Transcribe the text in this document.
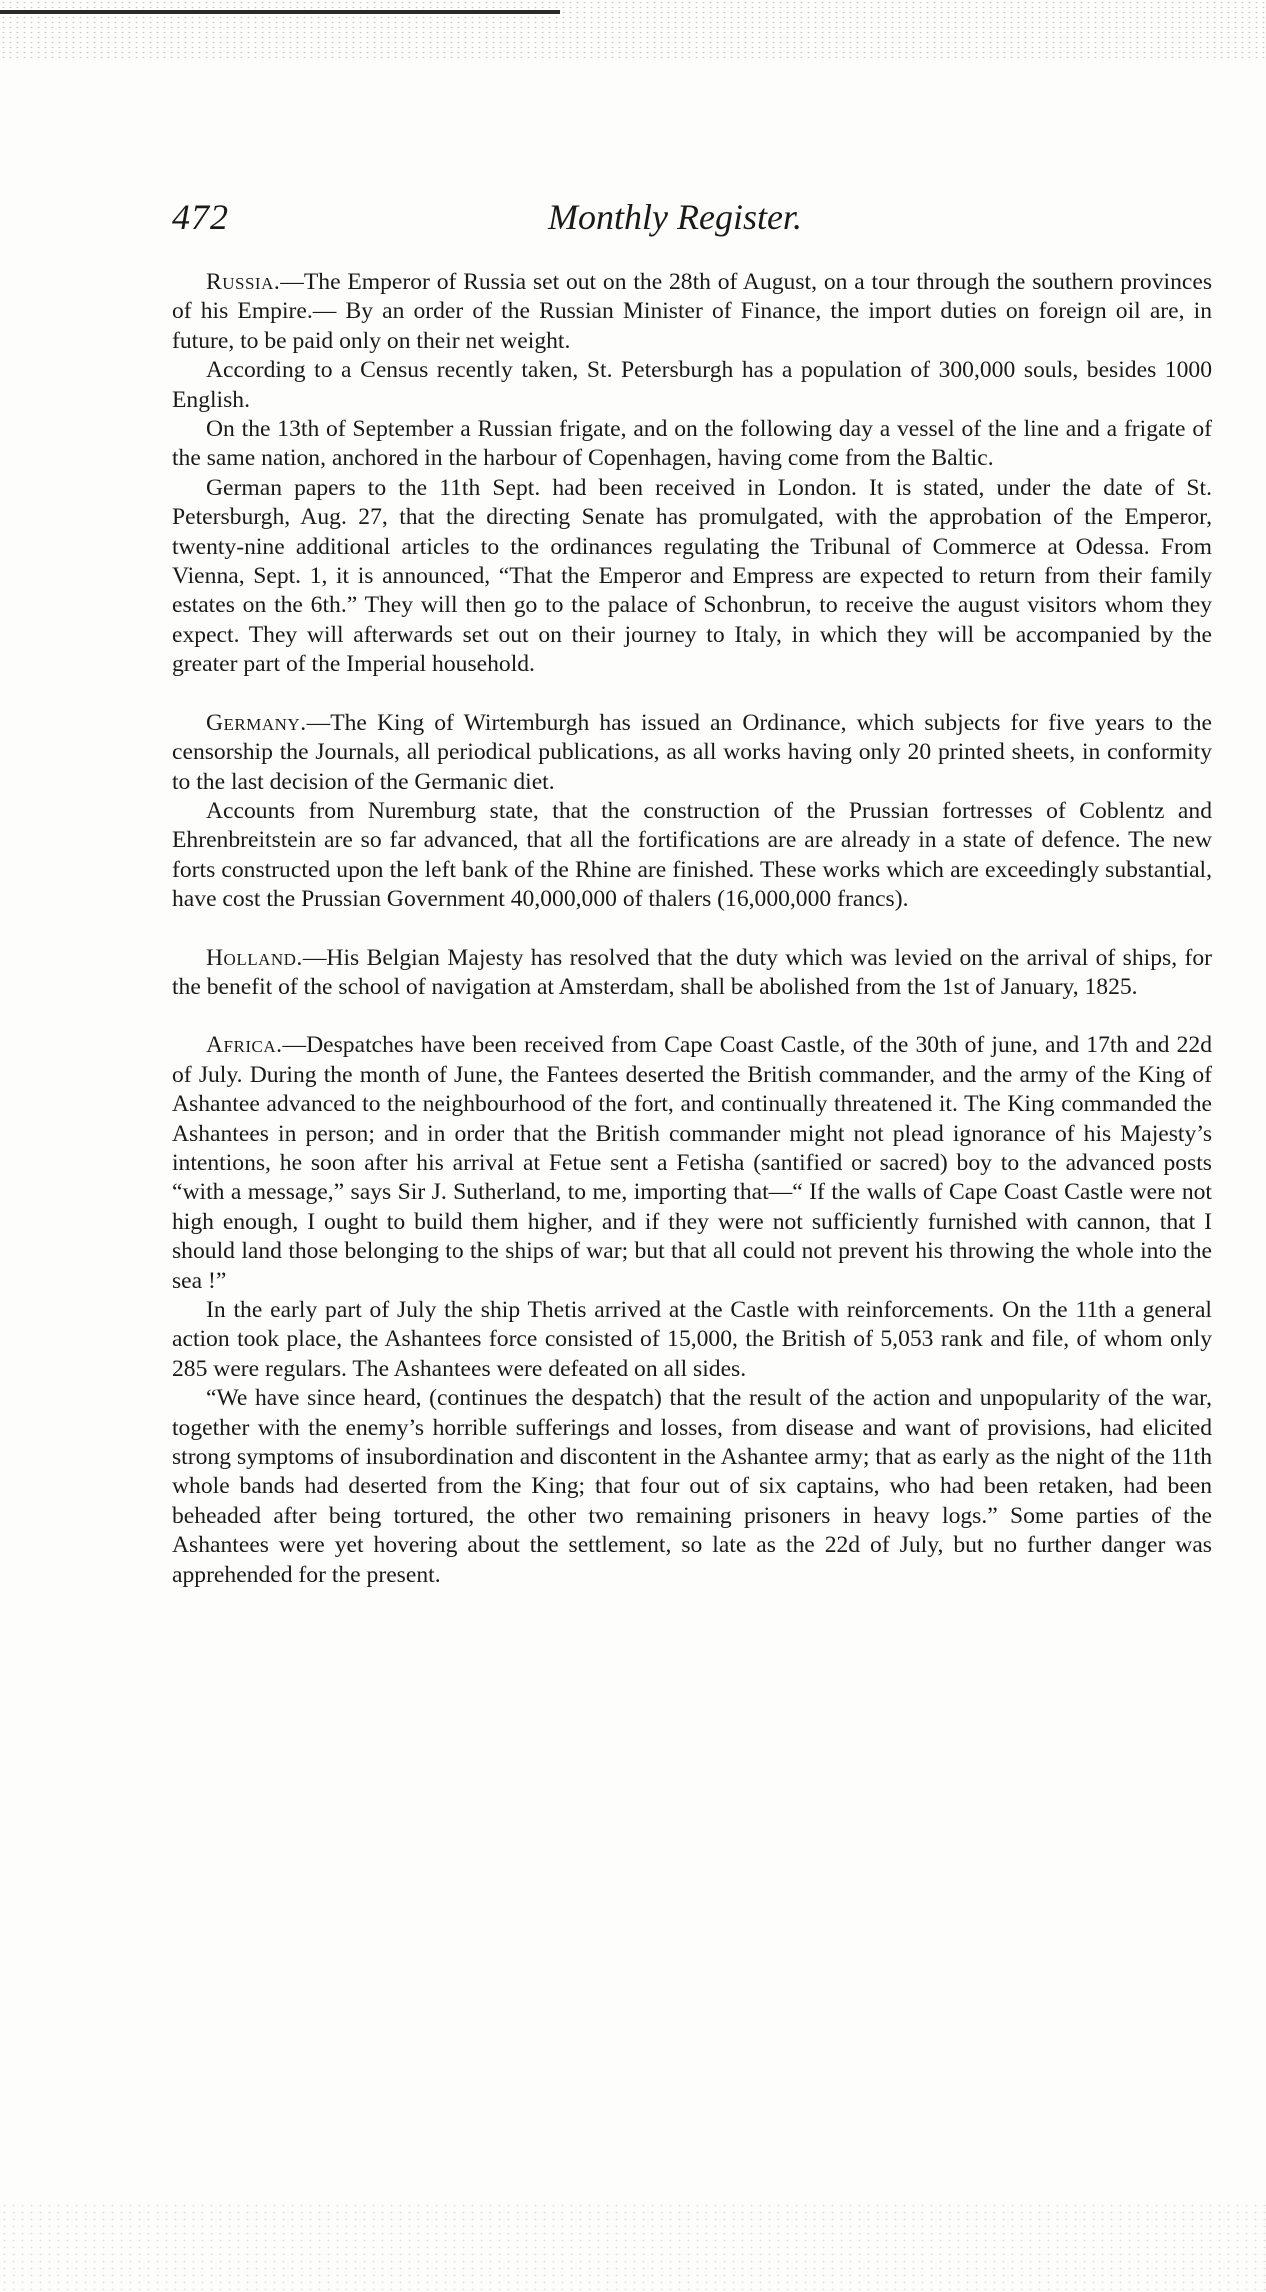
472	Monthly Register.

Russia.—The Emperor of Russia set out on the 28th of August, on a tour through the southern provinces of his Empire.— By an order of the Russian Minister of Finance, the import duties on foreign oil are, in future, to be paid only on their net weight.

According to a Census recently taken, St. Petersburgh has a population of 300,000 souls, besides 1000 English.

On the 13th of September a Russian frigate, and on the following day a vessel of the line and a frigate of the same nation, anchored in the harbour of Copenhagen, having come from the Baltic.

German papers to the 11th Sept. had been received in London. It is stated, under the date of St. Petersburgh, Aug. 27, that the directing Senate has promulgated, with the approbation of the Emperor, twenty-nine additional articles to the ordinances regulating the Tribunal of Commerce at Odessa. From Vienna, Sept. 1, it is announced, “That the Emperor and Empress are expected to return from their family estates on the 6th.” They will then go to the palace of Schonbrun, to receive the august visitors whom they expect. They will afterwards set out on their journey to Italy, in which they will be accompanied by the greater part of the Imperial household.

Germany.—The King of Wirtemburgh has issued an Ordinance, which subjects for five years to the censorship the Journals, all periodical publications, as all works having only 20 printed sheets, in conformity to the last decision of the Germanic diet.

Accounts from Nuremburg state, that the construction of the Prussian fortresses of Coblentz and Ehrenbreitstein are so far advanced, that all the fortifications are are already in a state of defence. The new forts constructed upon the left bank of the Rhine are finished. These works which are exceedingly substantial, have cost the Prussian Government 40,000,000 of thalers (16,000,000 francs).

Holland.—His Belgian Majesty has resolved that the duty which was levied on the arrival of ships, for the benefit of the school of navigation at Amsterdam, shall be abolished from the 1st of January, 1825.

Africa.—Despatches have been received from Cape Coast Castle, of the 30th of june, and 17th and 22d of July. During the month of June, the Fantees deserted the British commander, and the army of the King of Ashantee advanced to the neighbourhood of the fort, and continually threatened it. The King commanded the Ashantees in person; and in order that the British commander might not plead ignorance of his Majesty’s intentions, he soon after his arrival at Fetue sent a Fetisha (santified or sacred) boy to the advanced posts “with a message,” says Sir J. Sutherland, to me, importing that—“ If the walls of Cape Coast Castle were not high enough, I ought to build them higher, and if they were not sufficiently furnished with cannon, that I should land those belonging to the ships of war; but that all could not prevent his throwing the whole into the sea !”

In the early part of July the ship Thetis arrived at the Castle with reinforcements. On the 11th a general action took place, the Ashantees force consisted of 15,000, the British of 5,053 rank and file, of whom only 285 were regulars. The Ashantees were defeated on all sides.

“We have since heard, (continues the despatch) that the result of the action and unpopularity of the war, together with the enemy’s horrible sufferings and losses, from disease and want of provisions, had elicited strong symptoms of insubordination and discontent in the Ashantee army; that as early as the night of the 11th whole bands had deserted from the King; that four out of six captains, who had been retaken, had been beheaded after being tortured, the other two remaining prisoners in heavy logs.” Some parties of the Ashantees were yet hovering about the settlement, so late as the 22d of July, but no further danger was apprehended for the present.
